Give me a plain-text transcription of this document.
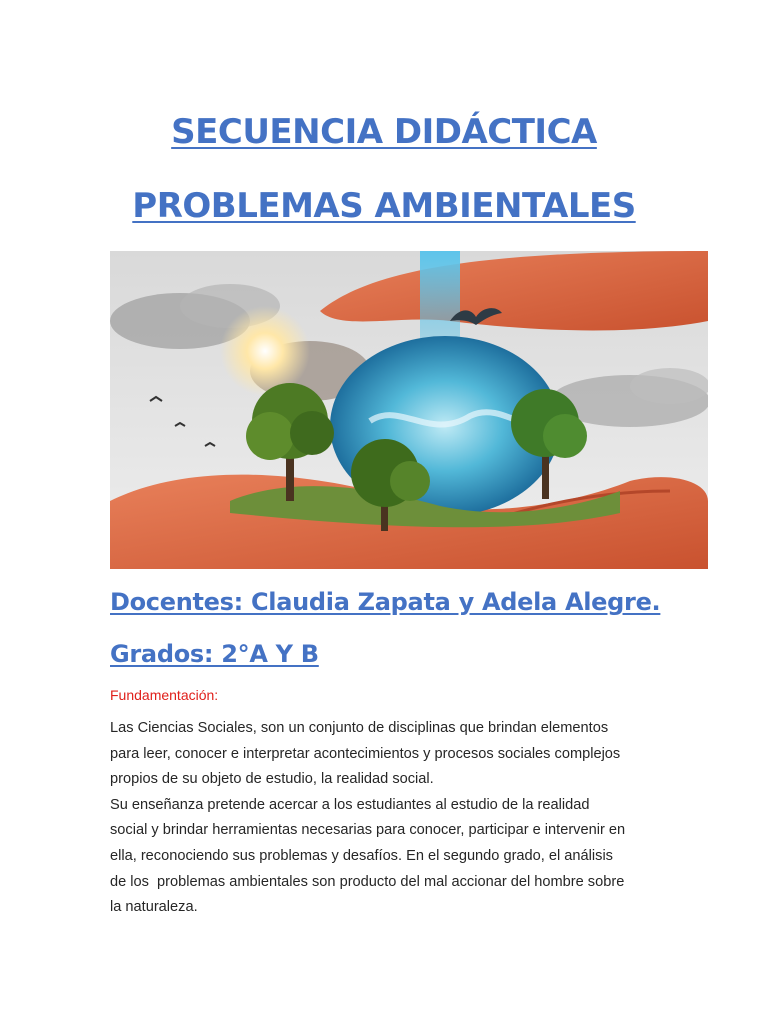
SECUENCIA DIDÁCTICA
PROBLEMAS AMBIENTALES
Docentes: Claudia Zapata y Adela Alegre.
Grados: 2°A Y B

Fundamentación:

Las Ciencias Sociales, son un conjunto de disciplinas que brindan elementos

para leer, conocer e interpretar acontecimientos y procesos sociales complejos

propios de su objeto de estudio, la realidad social.

Su enseñanza pretende acercar a los estudiantes al estudio de la realidad

social y brindar herramientas necesarias para conocer, participar e intervenir en

ella, reconociendo sus problemas y desafíos. En el segundo grado, el análisis

de los  problemas ambientales son producto del mal accionar del hombre sobre

la naturaleza.
